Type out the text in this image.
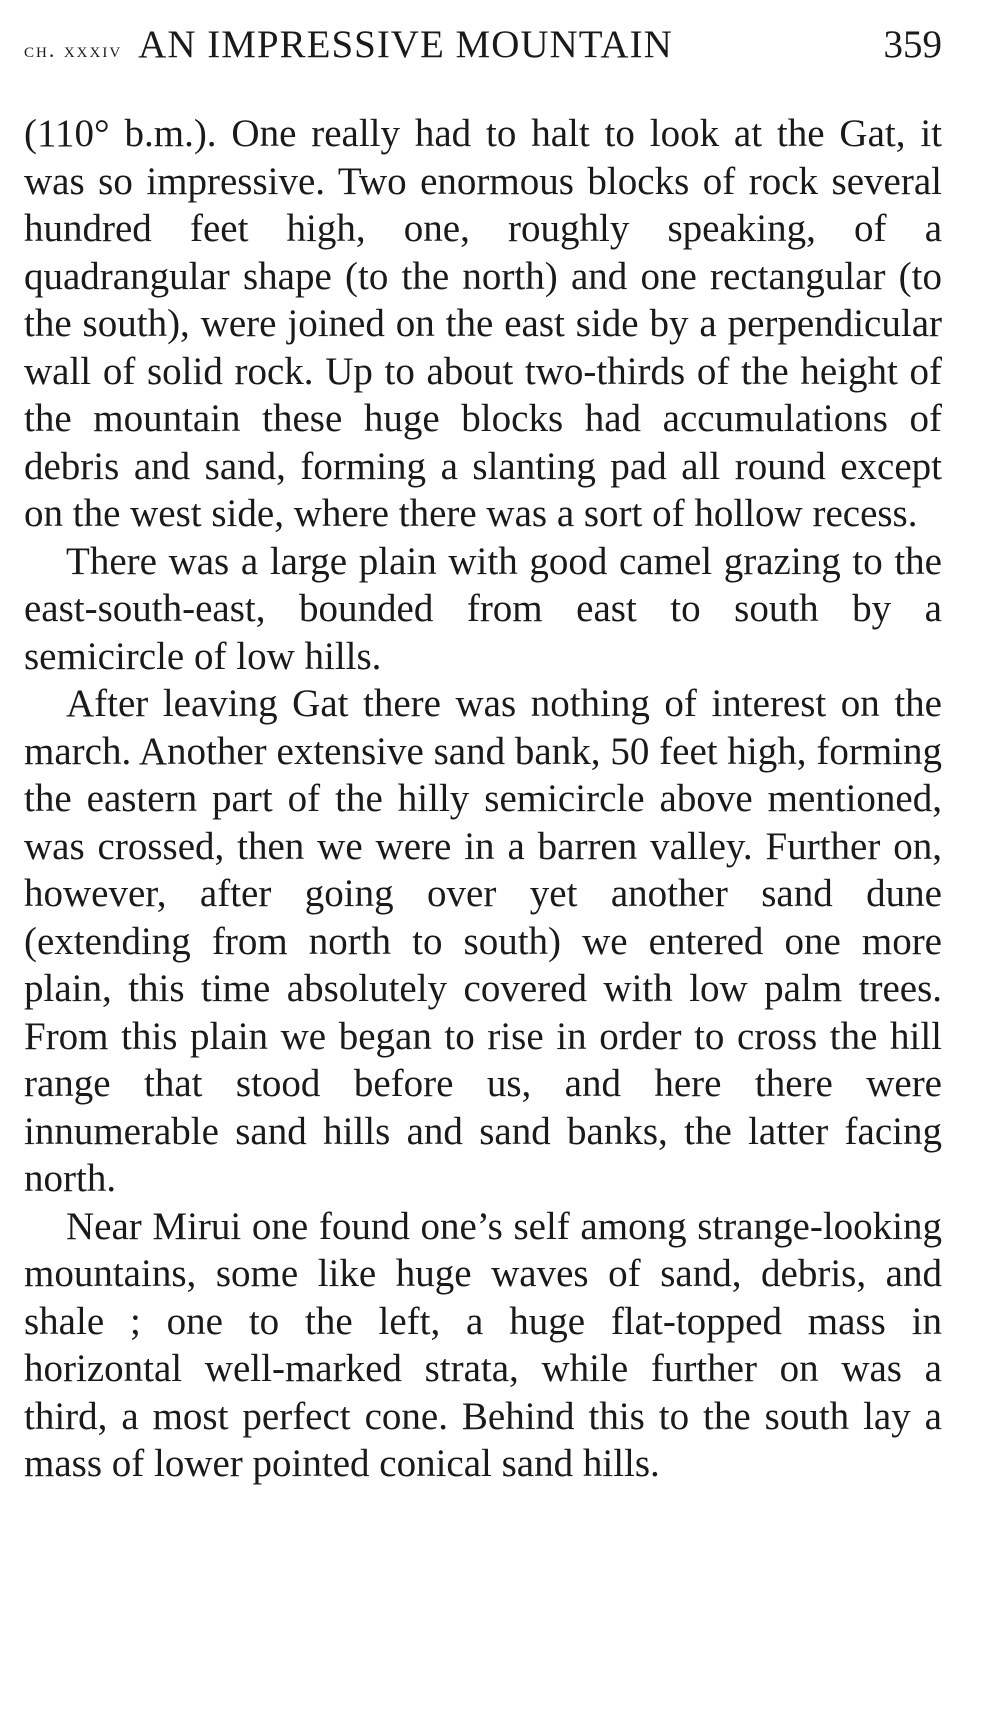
ch. xxxiv AN IMPRESSIVE MOUNTAIN	359

(110° b.m.). One really had to halt to look at the Gat, it was so impressive. Two enormous blocks of rock several hundred feet high, one, roughly speaking, of a quadrangular shape (to the north) and one rectangular (to the south), were joined on the east side by a perpendicular wall of solid rock. Up to about two-thirds of the height of the mountain these huge blocks had accumulations of debris and sand, forming a slanting pad all round except on the west side, where there was a sort of hollow recess.

There was a large plain with good camel grazing to the east-south-east, bounded from east to south by a semicircle of low hills.

After leaving Gat there was nothing of interest on the march. Another extensive sand bank, 50 feet high, forming the eastern part of the hilly semicircle above mentioned, was crossed, then we were in a barren valley. Further on, however, after going over yet another sand dune (extending from north to south) we entered one more plain, this time absolutely covered with low palm trees. From this plain we began to rise in order to cross the hill range that stood before us, and here there were innumerable sand hills and sand banks, the latter facing north.

Near Mirui one found one’s self among strange-looking mountains, some like huge waves of sand, debris, and shale ; one to the left, a huge flat-topped mass in horizontal well-marked strata, while further on was a third, a most perfect cone. Behind this to the south lay a mass of lower pointed conical sand hills.
